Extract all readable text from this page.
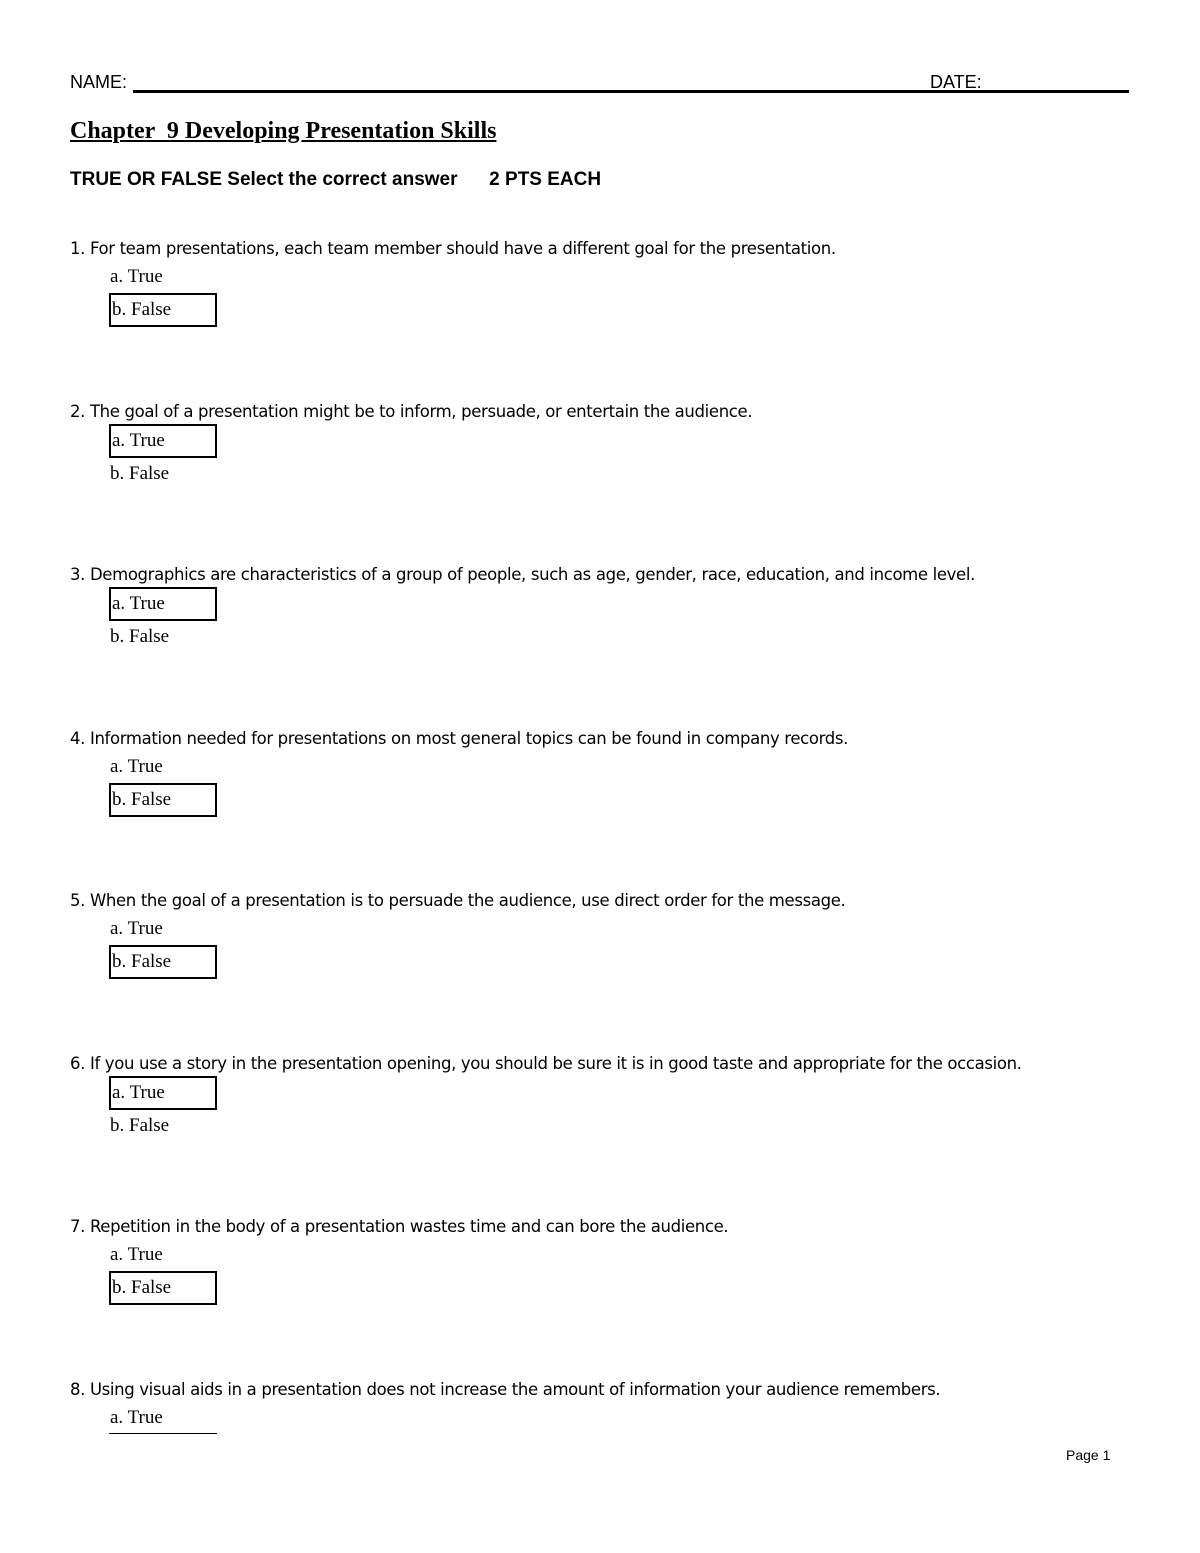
NAME:	DATE:
Chapter  9 Developing Presentation Skills
TRUE OR FALSE Select the correct answer      2 PTS EACH
1. For team presentations, each team member should have a different goal for the presentation.
a. True
b. False
2. The goal of a presentation might be to inform, persuade, or entertain the audience.
a. True
b. False
3. Demographics are characteristics of a group of people, such as age, gender, race, education, and income level.
a. True
b. False
4. Information needed for presentations on most general topics can be found in company records.
a. True
b. False
5. When the goal of a presentation is to persuade the audience, use direct order for the message.
a. True
b. False
6. If you use a story in the presentation opening, you should be sure it is in good taste and appropriate for the occasion.
a. True
b. False
7. Repetition in the body of a presentation wastes time and can bore the audience.
a. True
b. False
8. Using visual aids in a presentation does not increase the amount of information your audience remembers.
a. True
Page 1
